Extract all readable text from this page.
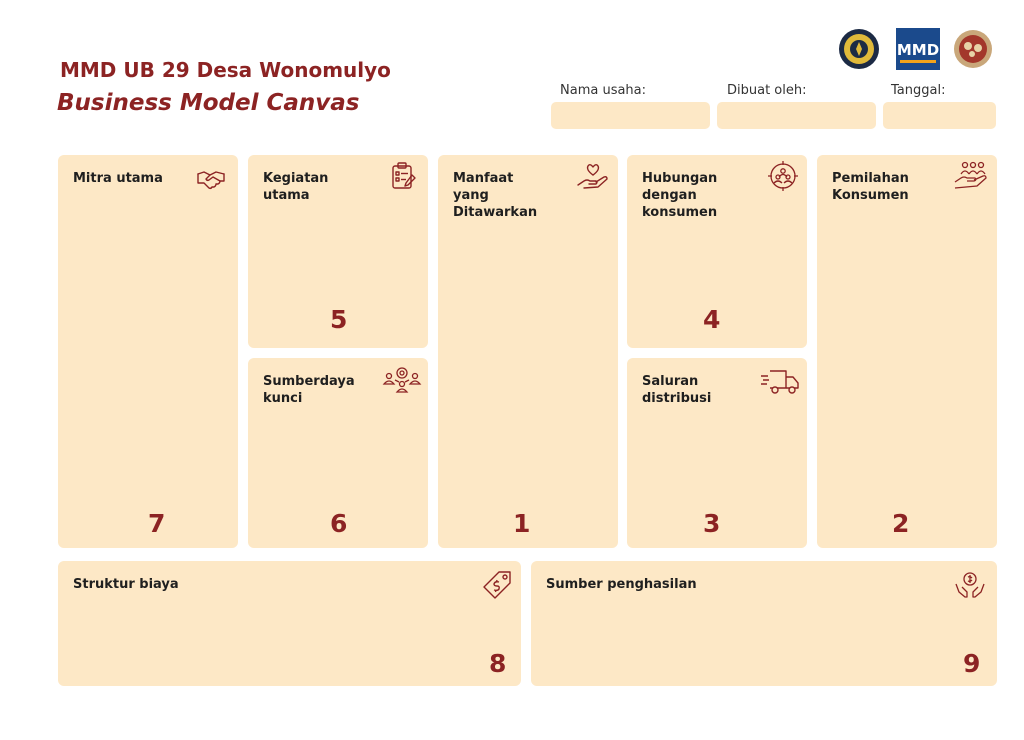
MMD UB 29 Desa Wonomulyo
Business Model Canvas
MMD
Nama usaha:	Dibuat oleh:	Tanggal:
Mitra utama
7
Kegiatan utama
5
Sumberdaya kunci
6
Manfaat yang Ditawarkan
1
Hubungan dengan konsumen
4
Saluran distribusi
3
Pemilahan Konsumen
2
Struktur biaya
8
Sumber penghasilan
9
